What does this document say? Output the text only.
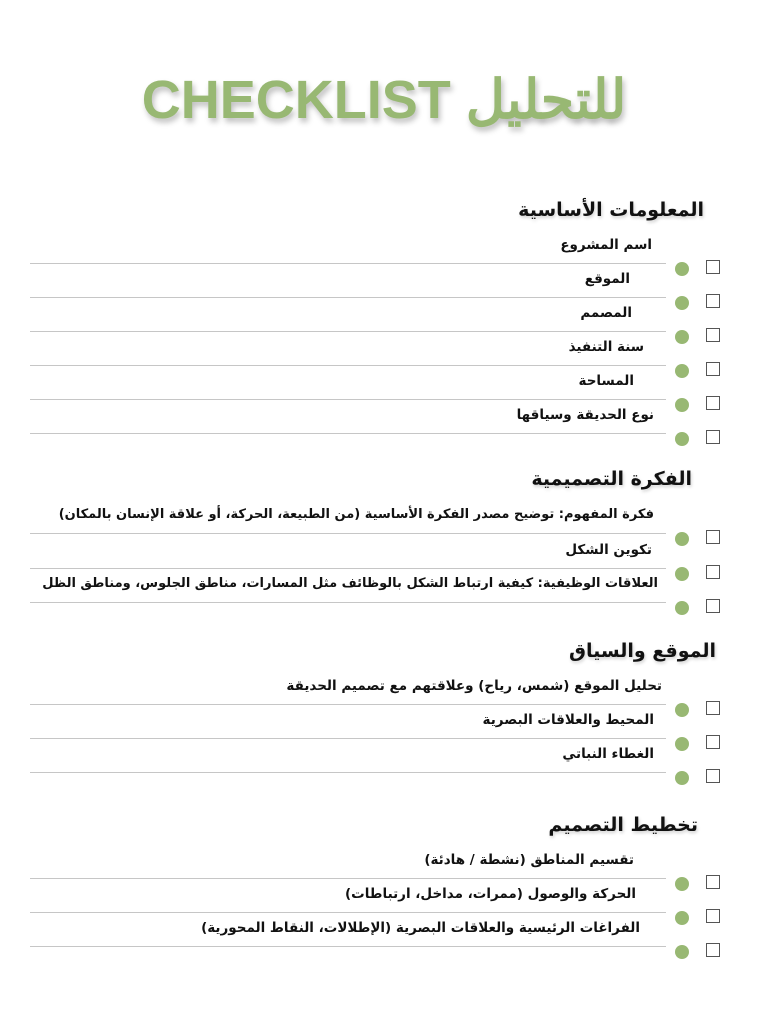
CHECKLIST للتحليل
المعلومات الأساسية
اسم المشروع
الموقع
المصمم
سنة التنفيذ
المساحة
نوع الحديقة وسياقها
الفكرة التصميمية
فكرة المفهوم: توضيح مصدر الفكرة الأساسية (من الطبيعة، الحركة، أو علاقة الإنسان بالمكان)
تكوين الشكل
العلاقات الوظيفية: كيفية ارتباط الشكل بالوظائف مثل المسارات، مناطق الجلوس، ومناطق الظل
الموقع والسياق
تحليل الموقع (شمس، رياح) وعلاقتهم مع تصميم الحديقة
المحيط والعلاقات البصرية
الغطاء النباتي
تخطيط التصميم
تقسيم المناطق (نشطة / هادئة)
الحركة والوصول (ممرات، مداخل، ارتباطات)
الفراغات الرئيسية والعلاقات البصرية (الإطلالات، النقاط المحورية)
